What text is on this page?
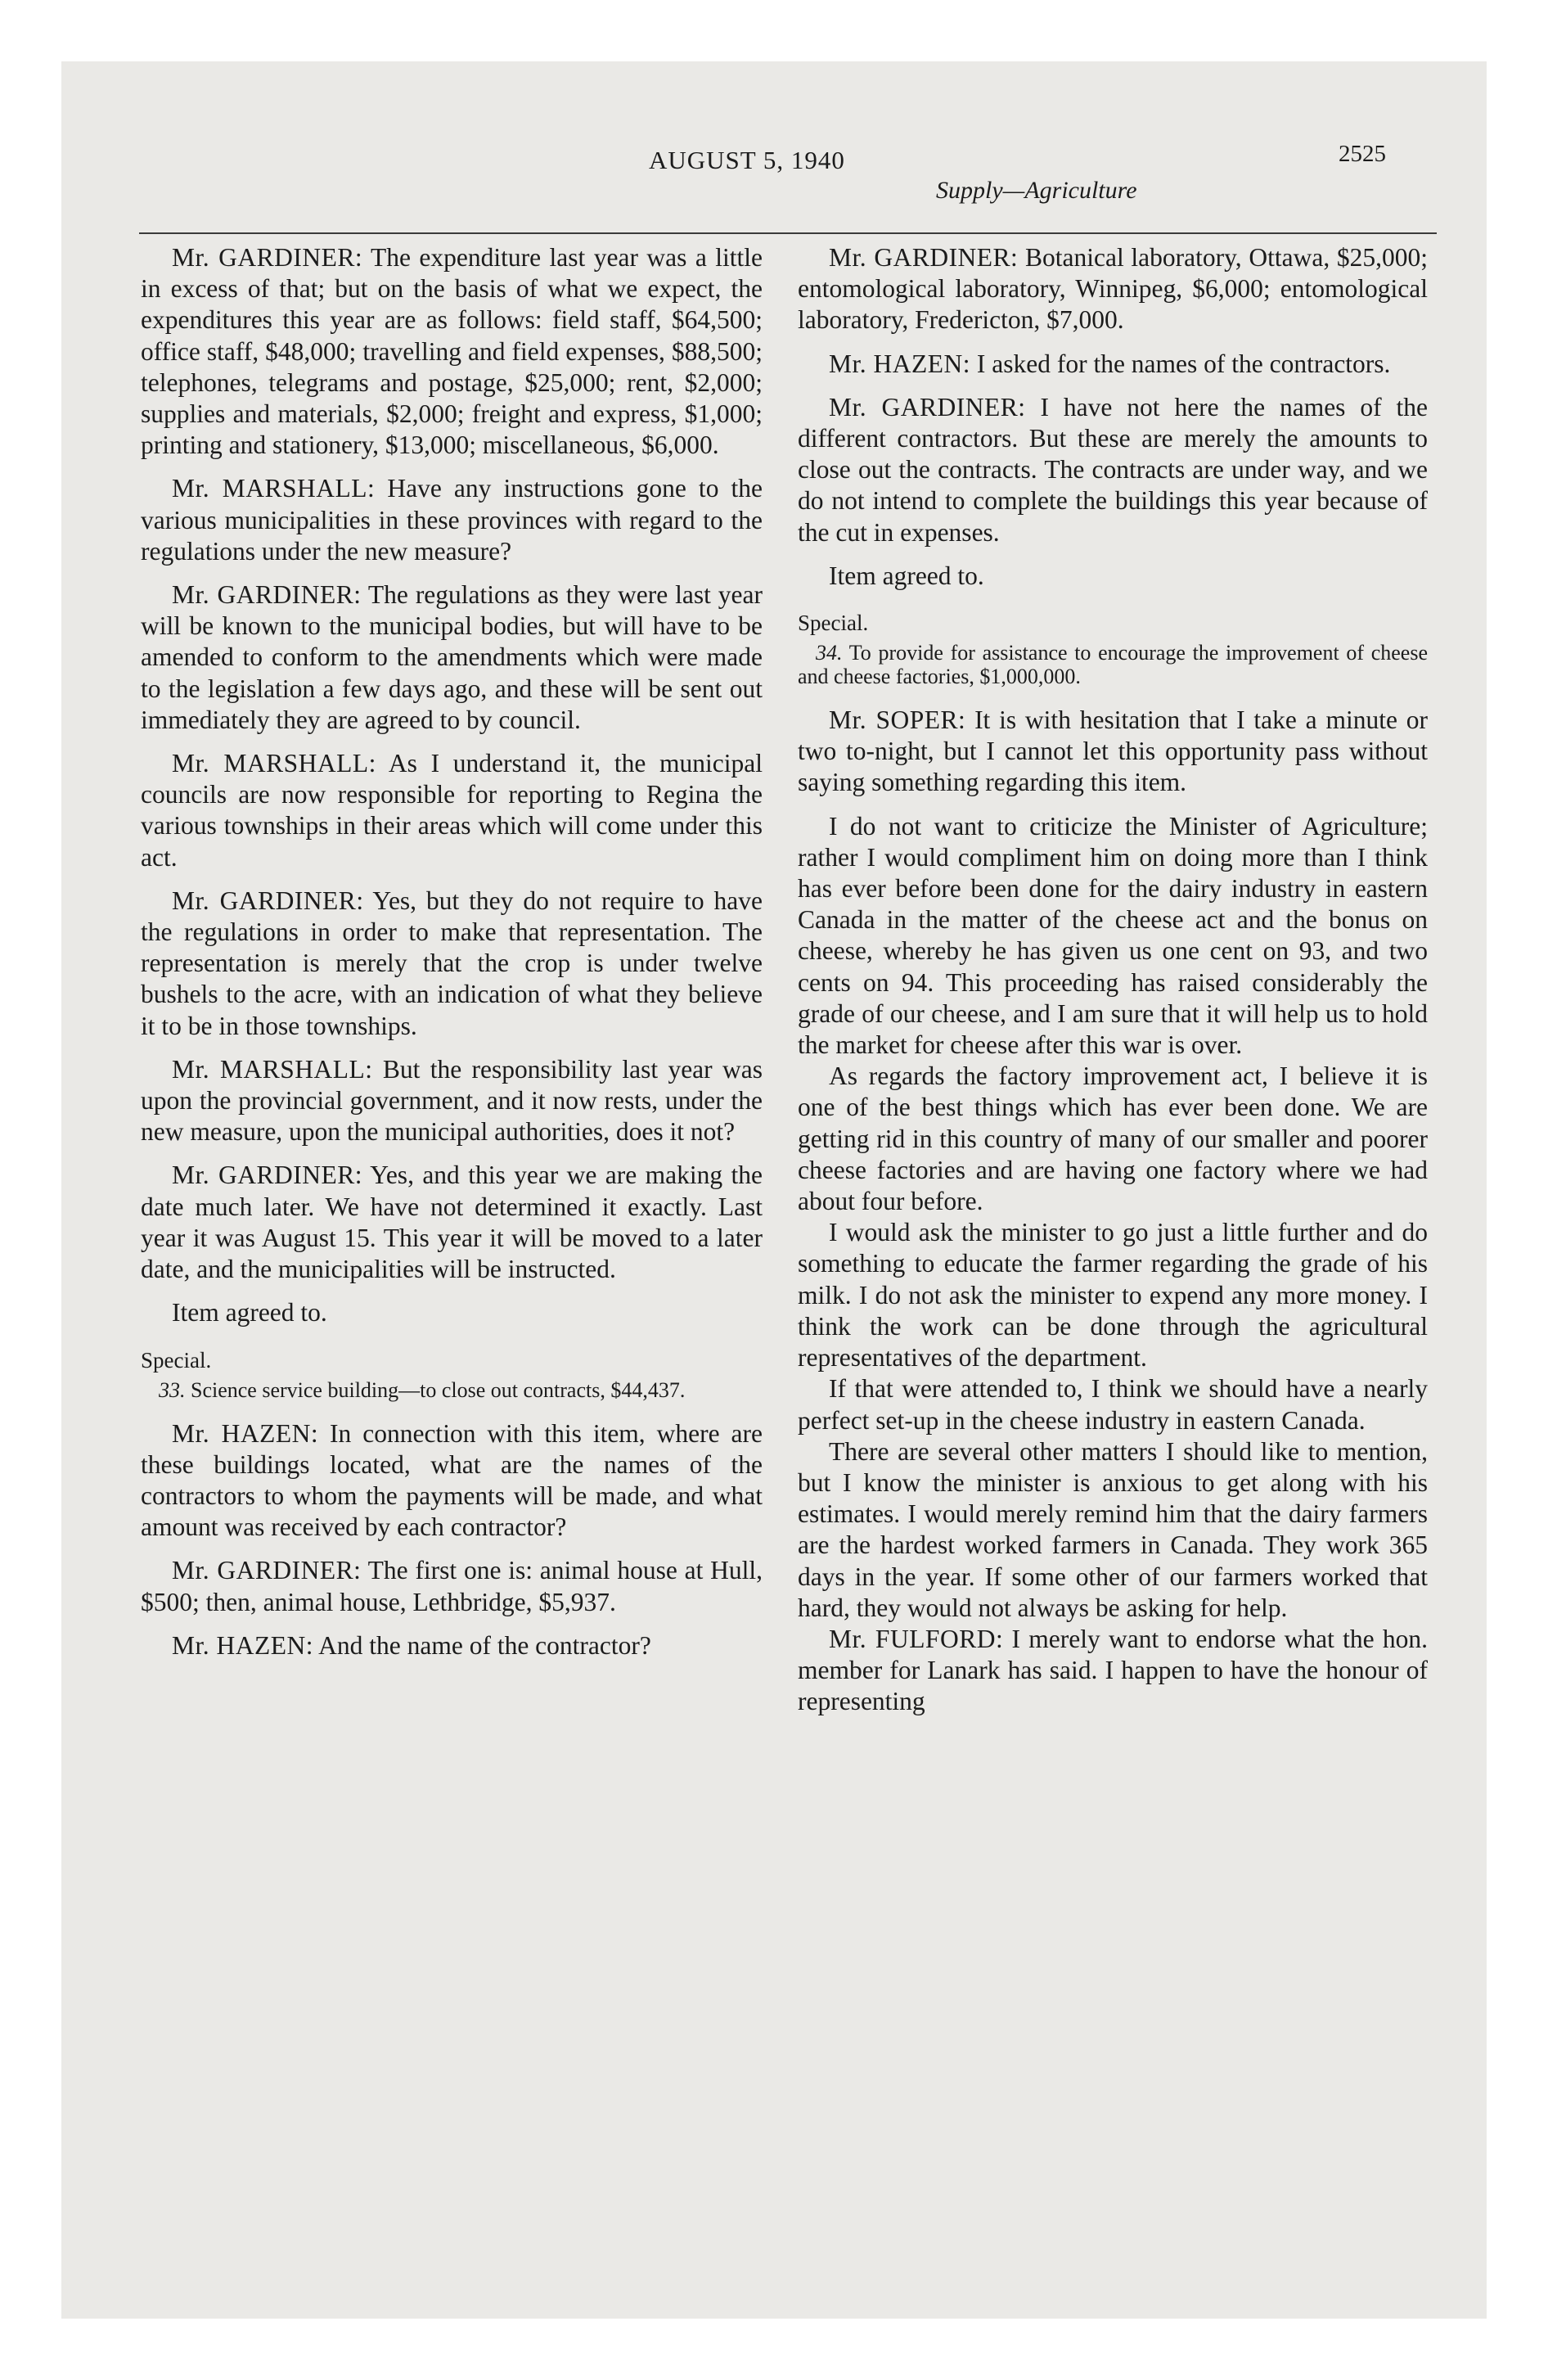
AUGUST 5, 1940	2525
Supply—Agriculture

Mr. GARDINER: The expenditure last year was a little in excess of that; but on the basis of what we expect, the expenditures this year are as follows: field staff, $64,500; office staff, $48,000; travelling and field expenses, $88,500; telephones, telegrams and postage, $25,000; rent, $2,000; supplies and materials, $2,000; freight and express, $1,000; printing and stationery, $13,000; miscellaneous, $6,000.

Mr. MARSHALL: Have any instructions gone to the various municipalities in these provinces with regard to the regulations under the new measure?

Mr. GARDINER: The regulations as they were last year will be known to the municipal bodies, but will have to be amended to conform to the amendments which were made to the legislation a few days ago, and these will be sent out immediately they are agreed to by council.

Mr. MARSHALL: As I understand it, the municipal councils are now responsible for reporting to Regina the various townships in their areas which will come under this act.

Mr. GARDINER: Yes, but they do not require to have the regulations in order to make that representation. The representation is merely that the crop is under twelve bushels to the acre, with an indication of what they believe it to be in those townships.

Mr. MARSHALL: But the responsibility last year was upon the provincial government, and it now rests, under the new measure, upon the municipal authorities, does it not?

Mr. GARDINER: Yes, and this year we are making the date much later. We have not determined it exactly. Last year it was August 15. This year it will be moved to a later date, and the municipalities will be instructed.

Item agreed to.

Special.

33. Science service building—to close out contracts, $44,437.

Mr. HAZEN: In connection with this item, where are these buildings located, what are the names of the contractors to whom the payments will be made, and what amount was received by each contractor?

Mr. GARDINER: The first one is: animal house at Hull, $500; then, animal house, Lethbridge, $5,937.

Mr. HAZEN: And the name of the contractor?

Mr. GARDINER: Botanical laboratory, Ottawa, $25,000; entomological laboratory, Winnipeg, $6,000; entomological laboratory, Fredericton, $7,000.

Mr. HAZEN: I asked for the names of the contractors.

Mr. GARDINER: I have not here the names of the different contractors. But these are merely the amounts to close out the contracts. The contracts are under way, and we do not intend to complete the buildings this year because of the cut in expenses.

Item agreed to.

Special.

34. To provide for assistance to encourage the improvement of cheese and cheese factories, $1,000,000.

Mr. SOPER: It is with hesitation that I take a minute or two to-night, but I cannot let this opportunity pass without saying something regarding this item.

I do not want to criticize the Minister of Agriculture; rather I would compliment him on doing more than I think has ever before been done for the dairy industry in eastern Canada in the matter of the cheese act and the bonus on cheese, whereby he has given us one cent on 93, and two cents on 94. This proceeding has raised considerably the grade of our cheese, and I am sure that it will help us to hold the market for cheese after this war is over.

As regards the factory improvement act, I believe it is one of the best things which has ever been done. We are getting rid in this country of many of our smaller and poorer cheese factories and are having one factory where we had about four before.

I would ask the minister to go just a little further and do something to educate the farmer regarding the grade of his milk. I do not ask the minister to expend any more money. I think the work can be done through the agricultural representatives of the department.

If that were attended to, I think we should have a nearly perfect set-up in the cheese industry in eastern Canada.

There are several other matters I should like to mention, but I know the minister is anxious to get along with his estimates. I would merely remind him that the dairy farmers are the hardest worked farmers in Canada. They work 365 days in the year. If some other of our farmers worked that hard, they would not always be asking for help.

Mr. FULFORD: I merely want to endorse what the hon. member for Lanark has said. I happen to have the honour of representing
